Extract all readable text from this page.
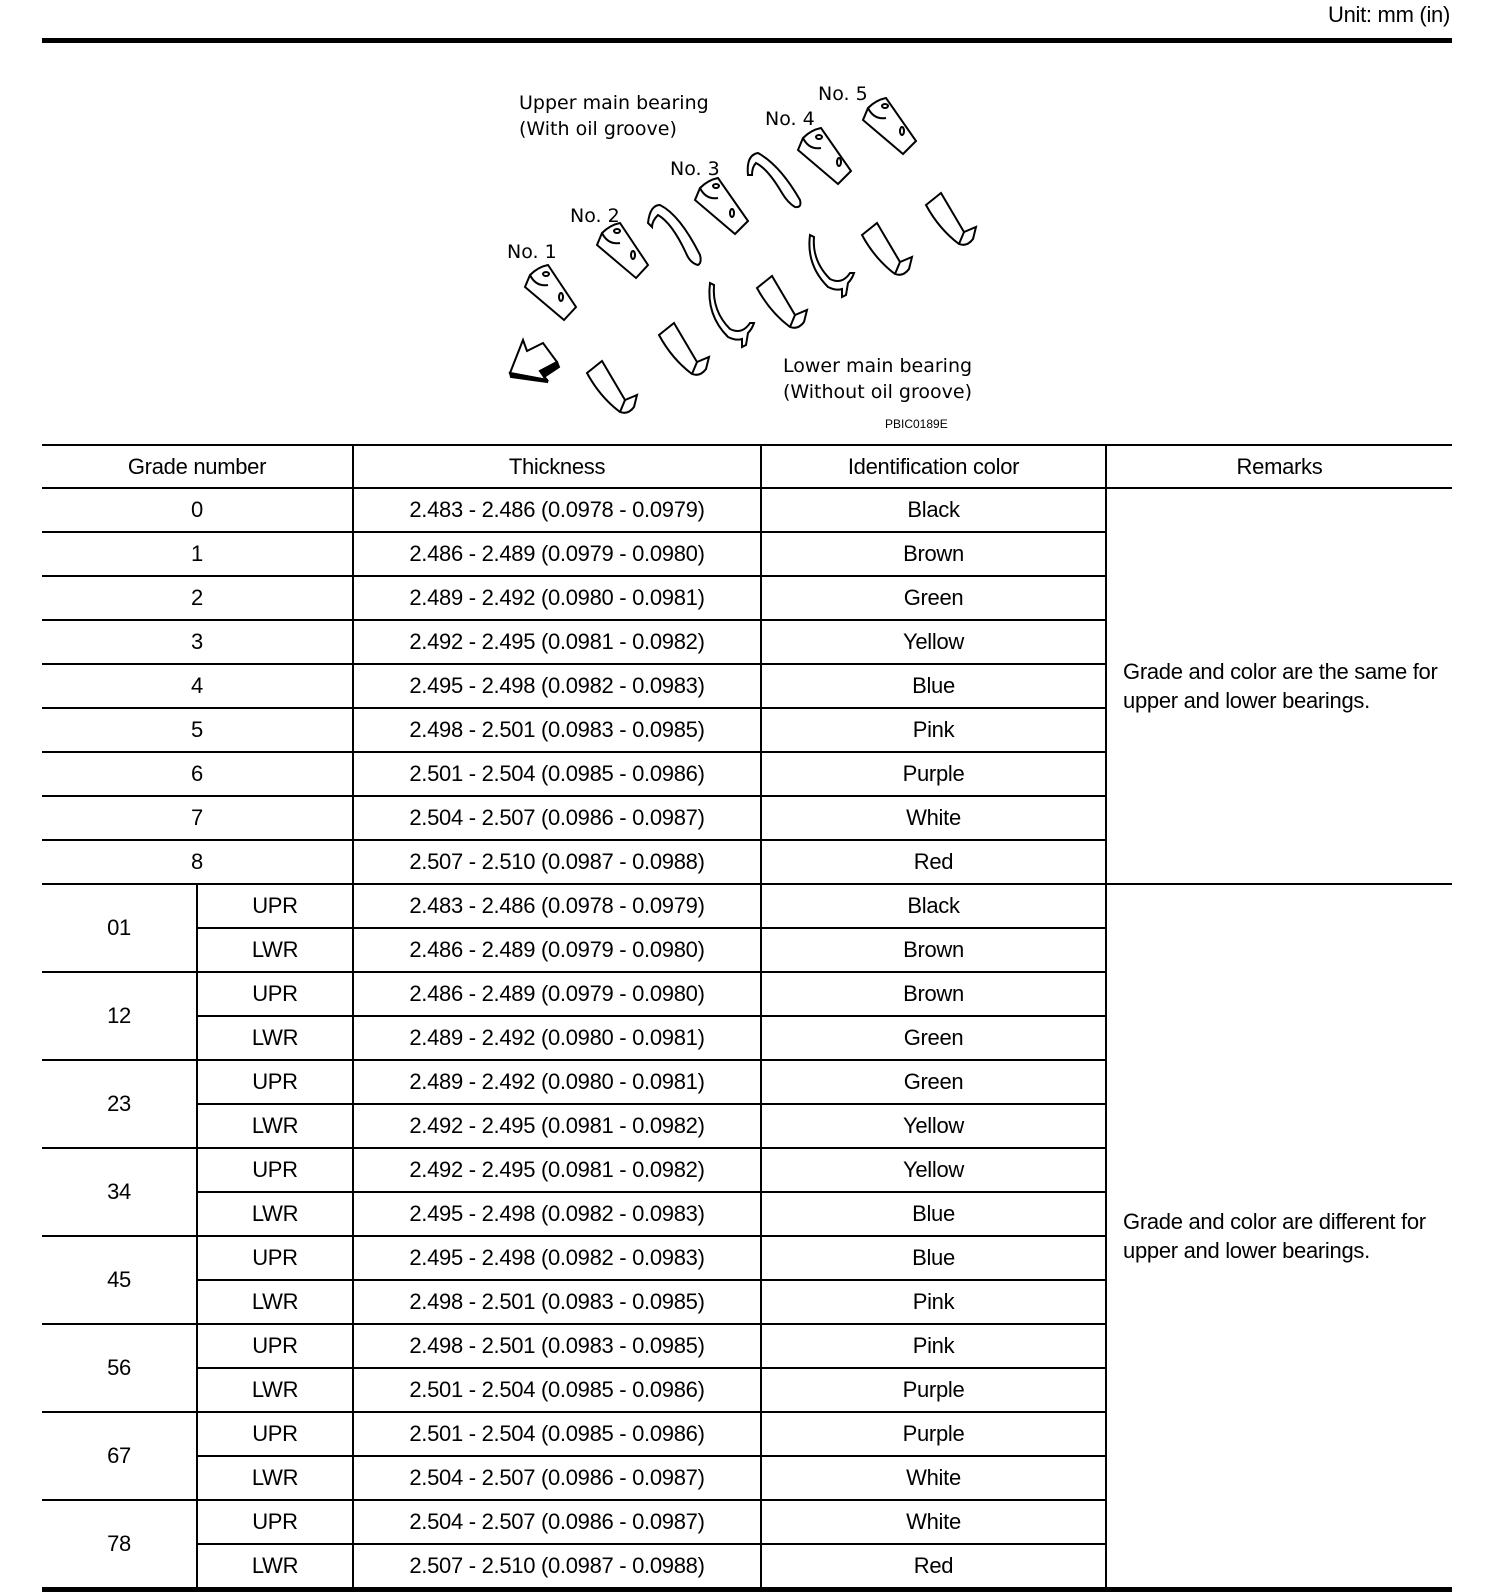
Unit: mm (in)
Upper main bearing
(With oil groove)
No. 1
No. 2
No. 3
No. 4
No. 5
Lower main bearing
(Without oil groove)
PBIC0189E
Grade number		Thickness	Identification color	Remarks
0		2.483 - 2.486 (0.0978 - 0.0979)	Black	Grade and color are the same for upper and lower bearings.
1		2.486 - 2.489 (0.0979 - 0.0980)	Brown	
2		2.489 - 2.492 (0.0980 - 0.0981)	Green	
3		2.492 - 2.495 (0.0981 - 0.0982)	Yellow	
4		2.495 - 2.498 (0.0982 - 0.0983)	Blue	
5		2.498 - 2.501 (0.0983 - 0.0985)	Pink	
6		2.501 - 2.504 (0.0985 - 0.0986)	Purple	
7		2.504 - 2.507 (0.0986 - 0.0987)	White	
8		2.507 - 2.510 (0.0987 - 0.0988)	Red	
01	UPR	2.483 - 2.486 (0.0978 - 0.0979)	Black	Grade and color are different for upper and lower bearings.
	LWR	2.486 - 2.489 (0.0979 - 0.0980)	Brown	
12	UPR	2.486 - 2.489 (0.0979 - 0.0980)	Brown	
	LWR	2.489 - 2.492 (0.0980 - 0.0981)	Green	
23	UPR	2.489 - 2.492 (0.0980 - 0.0981)	Green	
	LWR	2.492 - 2.495 (0.0981 - 0.0982)	Yellow	
34	UPR	2.492 - 2.495 (0.0981 - 0.0982)	Yellow	
	LWR	2.495 - 2.498 (0.0982 - 0.0983)	Blue	
45	UPR	2.495 - 2.498 (0.0982 - 0.0983)	Blue	
	LWR	2.498 - 2.501 (0.0983 - 0.0985)	Pink	
56	UPR	2.498 - 2.501 (0.0983 - 0.0985)	Pink	
	LWR	2.501 - 2.504 (0.0985 - 0.0986)	Purple	
67	UPR	2.501 - 2.504 (0.0985 - 0.0986)	Purple	
	LWR	2.504 - 2.507 (0.0986 - 0.0987)	White	
78	UPR	2.504 - 2.507 (0.0986 - 0.0987)	White	
	LWR	2.507 - 2.510 (0.0987 - 0.0988)	Red	
